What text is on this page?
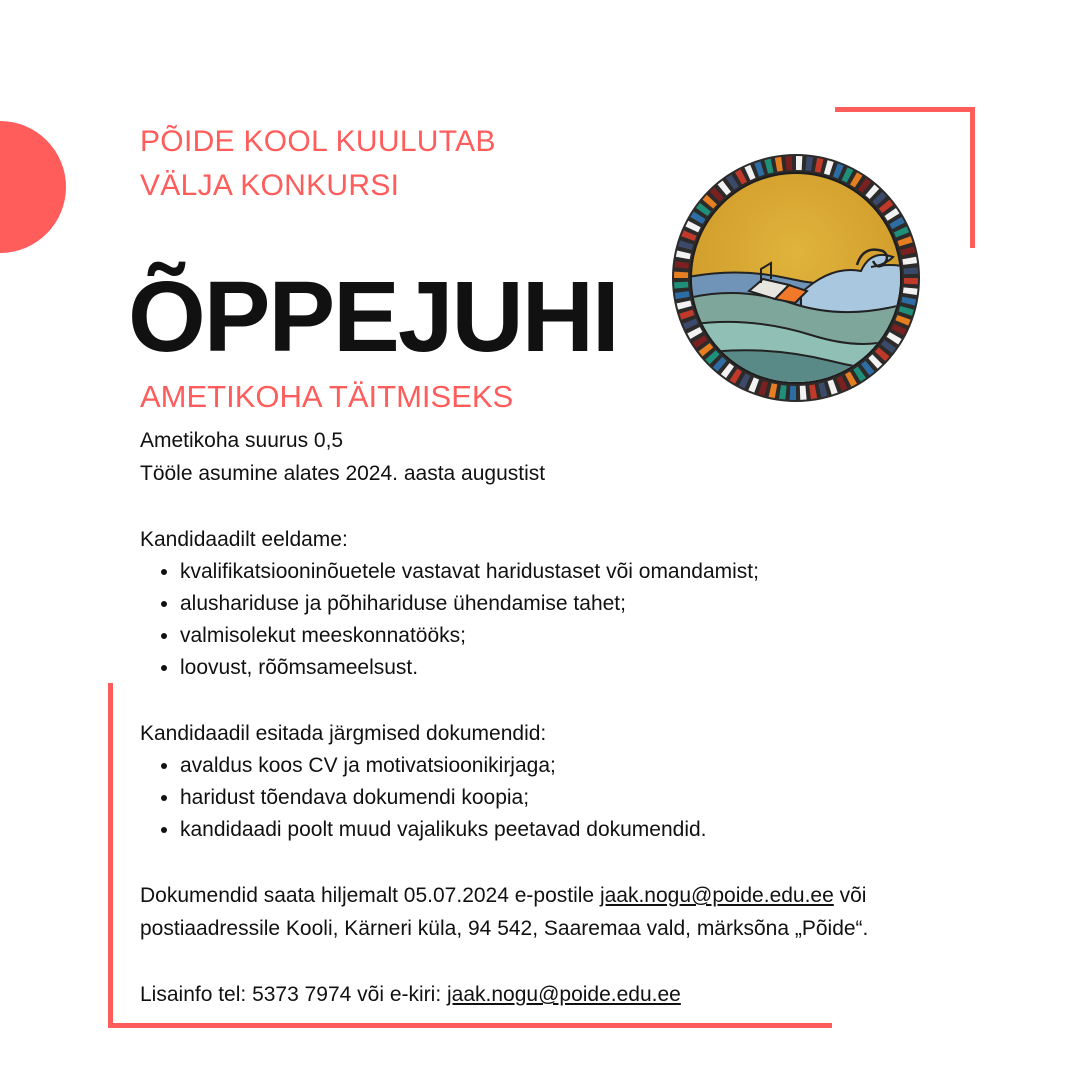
PÕIDE KOOL KUULUTAB
VÄLJA KONKURSI
ÕPPEJUHI
AMETIKOHA TÄITMISEKS

Ametikoha suurus 0,5

Tööle asumine alates 2024. aasta augustist

Kandidaadilt eeldame:

• kvalifikatsiooninõuetele vastavat haridustaset või omandamist;
• alushariduse ja põhihariduse ühendamise tahet;
• valmisolekut meeskonnatööks;
• loovust, rõõmsameelsust.

Kandidaadil esitada järgmised dokumendid:

• avaldus koos CV ja motivatsioonikirjaga;
• haridust tõendava dokumendi koopia;
• kandidaadi poolt muud vajalikuks peetavad dokumendid.

Dokumendid saata hiljemalt 05.07.2024 e-postile jaak.nogu@poide.edu.ee või postiaadressile Kooli, Kärneri küla, 94 542, Saaremaa vald, märksõna „Põide“.

Lisainfo tel: 5373 7974 või e-kiri: jaak.nogu@poide.edu.ee
